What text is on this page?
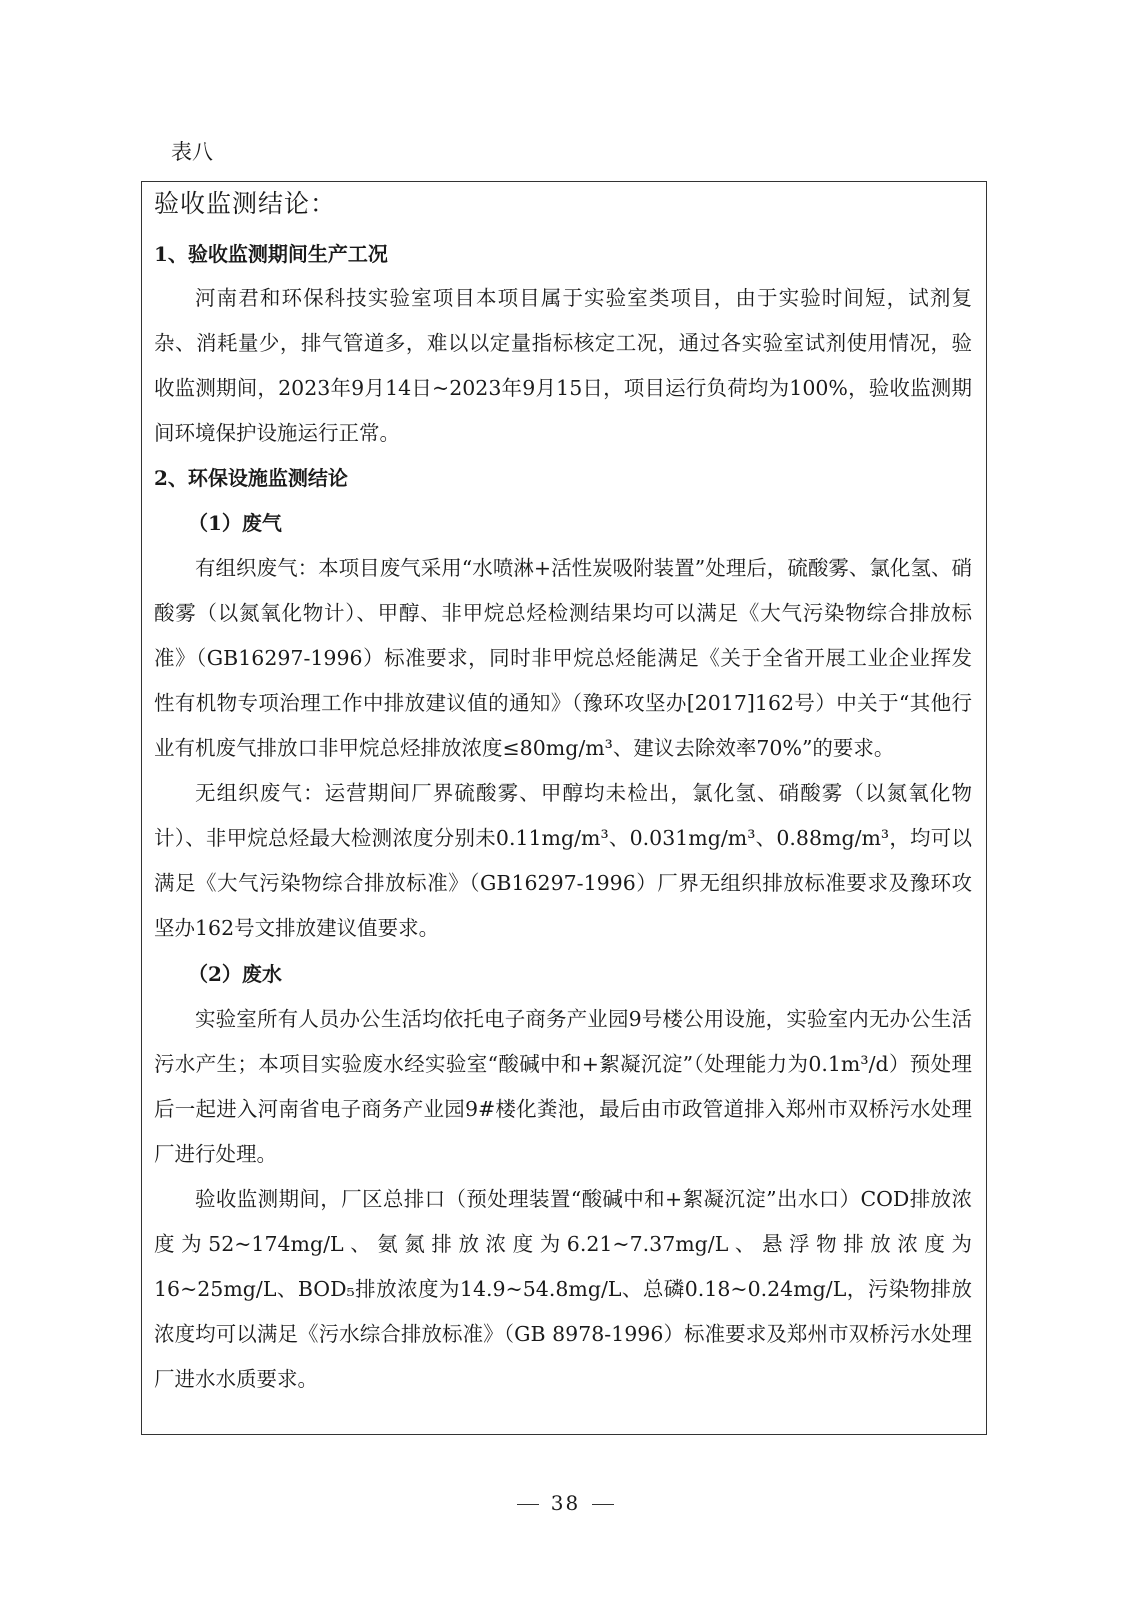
表八

验收监测结论：

1、验收监测期间生产工况

河南君和环保科技实验室项目本项目属于实验室类项目，由于实验时间短，试剂复杂、消耗量少，排气管道多，难以以定量指标核定工况，通过各实验室试剂使用情况，验收监测期间，2023年9月14日~2023年9月15日，项目运行负荷均为100%，验收监测期间环境保护设施运行正常。

2、环保设施监测结论

（1）废气

有组织废气：本项目废气采用“水喷淋+活性炭吸附装置”处理后，硫酸雾、氯化氢、硝酸雾（以氮氧化物计）、甲醇、非甲烷总烃检测结果均可以满足《大气污染物综合排放标准》（GB16297-1996）标准要求，同时非甲烷总烃能满足《关于全省开展工业企业挥发性有机物专项治理工作中排放建议值的通知》（豫环攻坚办[2017]162号）中关于“其他行业有机废气排放口非甲烷总烃排放浓度≤80mg/m³、建议去除效率70%”的要求。

无组织废气：运营期间厂界硫酸雾、甲醇均未检出，氯化氢、硝酸雾（以氮氧化物计）、非甲烷总烃最大检测浓度分别未0.11mg/m³、0.031mg/m³、0.88mg/m³，均可以满足《大气污染物综合排放标准》（GB16297-1996）厂界无组织排放标准要求及豫环攻坚办162号文排放建议值要求。

（2）废水

实验室所有人员办公生活均依托电子商务产业园9号楼公用设施，实验室内无办公生活污水产生；本项目实验废水经实验室“酸碱中和+絮凝沉淀”（处理能力为0.1m³/d）预处理后一起进入河南省电子商务产业园9#楼化粪池，最后由市政管道排入郑州市双桥污水处理厂进行处理。

验收监测期间，厂区总排口（预处理装置“酸碱中和+絮凝沉淀”出水口）COD排放浓度为52~174mg/L、氨氮排放浓度为6.21~7.37mg/L、悬浮物排放浓度为16~25mg/L、BOD₅排放浓度为14.9~54.8mg/L、总磷0.18~0.24mg/L，污染物排放浓度均可以满足《污水综合排放标准》（GB 8978-1996）标准要求及郑州市双桥污水处理厂进水水质要求。

38
